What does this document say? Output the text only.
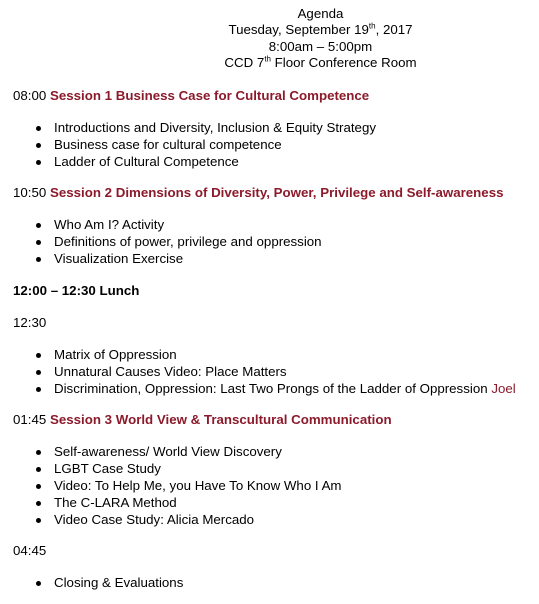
Agenda
Tuesday, September 19th, 2017
8:00am – 5:00pm
CCD 7th Floor Conference Room
08:00 Session 1 Business Case for Cultural Competence
Introductions and Diversity, Inclusion & Equity Strategy
Business case for cultural competence
Ladder of Cultural Competence
10:50 Session 2 Dimensions of Diversity, Power, Privilege and Self-awareness
Who Am I? Activity
Definitions of power, privilege and oppression
Visualization Exercise
12:00 – 12:30 Lunch
12:30
Matrix of Oppression
Unnatural Causes Video: Place Matters
Discrimination, Oppression: Last Two Prongs of the Ladder of Oppression Joel
01:45 Session 3 World View & Transcultural Communication
Self-awareness/ World View Discovery
LGBT Case Study
Video: To Help Me, you Have To Know Who I Am
The C-LARA Method
Video Case Study: Alicia Mercado
04:45
Closing & Evaluations
